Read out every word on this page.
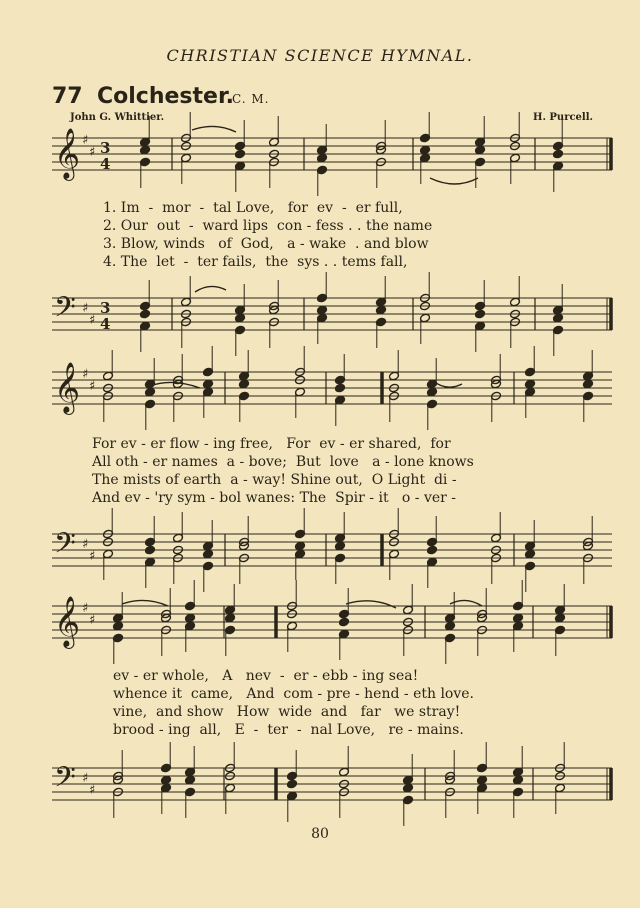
CHRISTIAN SCIENCE HYMNAL.
77 Colchester.
C. M.
John G. Whittier.	H. Purcell.
1. Im  -  mor  -  tal Love,   for  ev  -  er full,
2. Our  out  -  ward lips  con - fess . . the name
3. Blow, winds   of  God,   a - wake  . and blow
4. The  let  -  ter fails,  the  sys . . tems fall,
For ev - er flow - ing free,   For  ev - er shared,  for
All oth - er names  a - bove;  But  love   a - lone knows
The mists of earth  a - way! Shine out,  O Light  di -
And ev - 'ry sym - bol wanes: The  Spir - it   o - ver -
ev - er whole,   A   nev  -  er - ebb - ing sea!
whence it  came,   And  com - pre - hend - eth love.
vine,  and show   How  wide  and   far   we stray!
brood - ing  all,   E  -  ter  -  nal Love,   re - mains.
80
𝄞 ♯
♯ 3
4
𝄢 ♯
♯
3
4
𝄞 ♯
♯
𝄢 ♯
♯
𝄞 ♯
♯
𝄢 ♯
♯
